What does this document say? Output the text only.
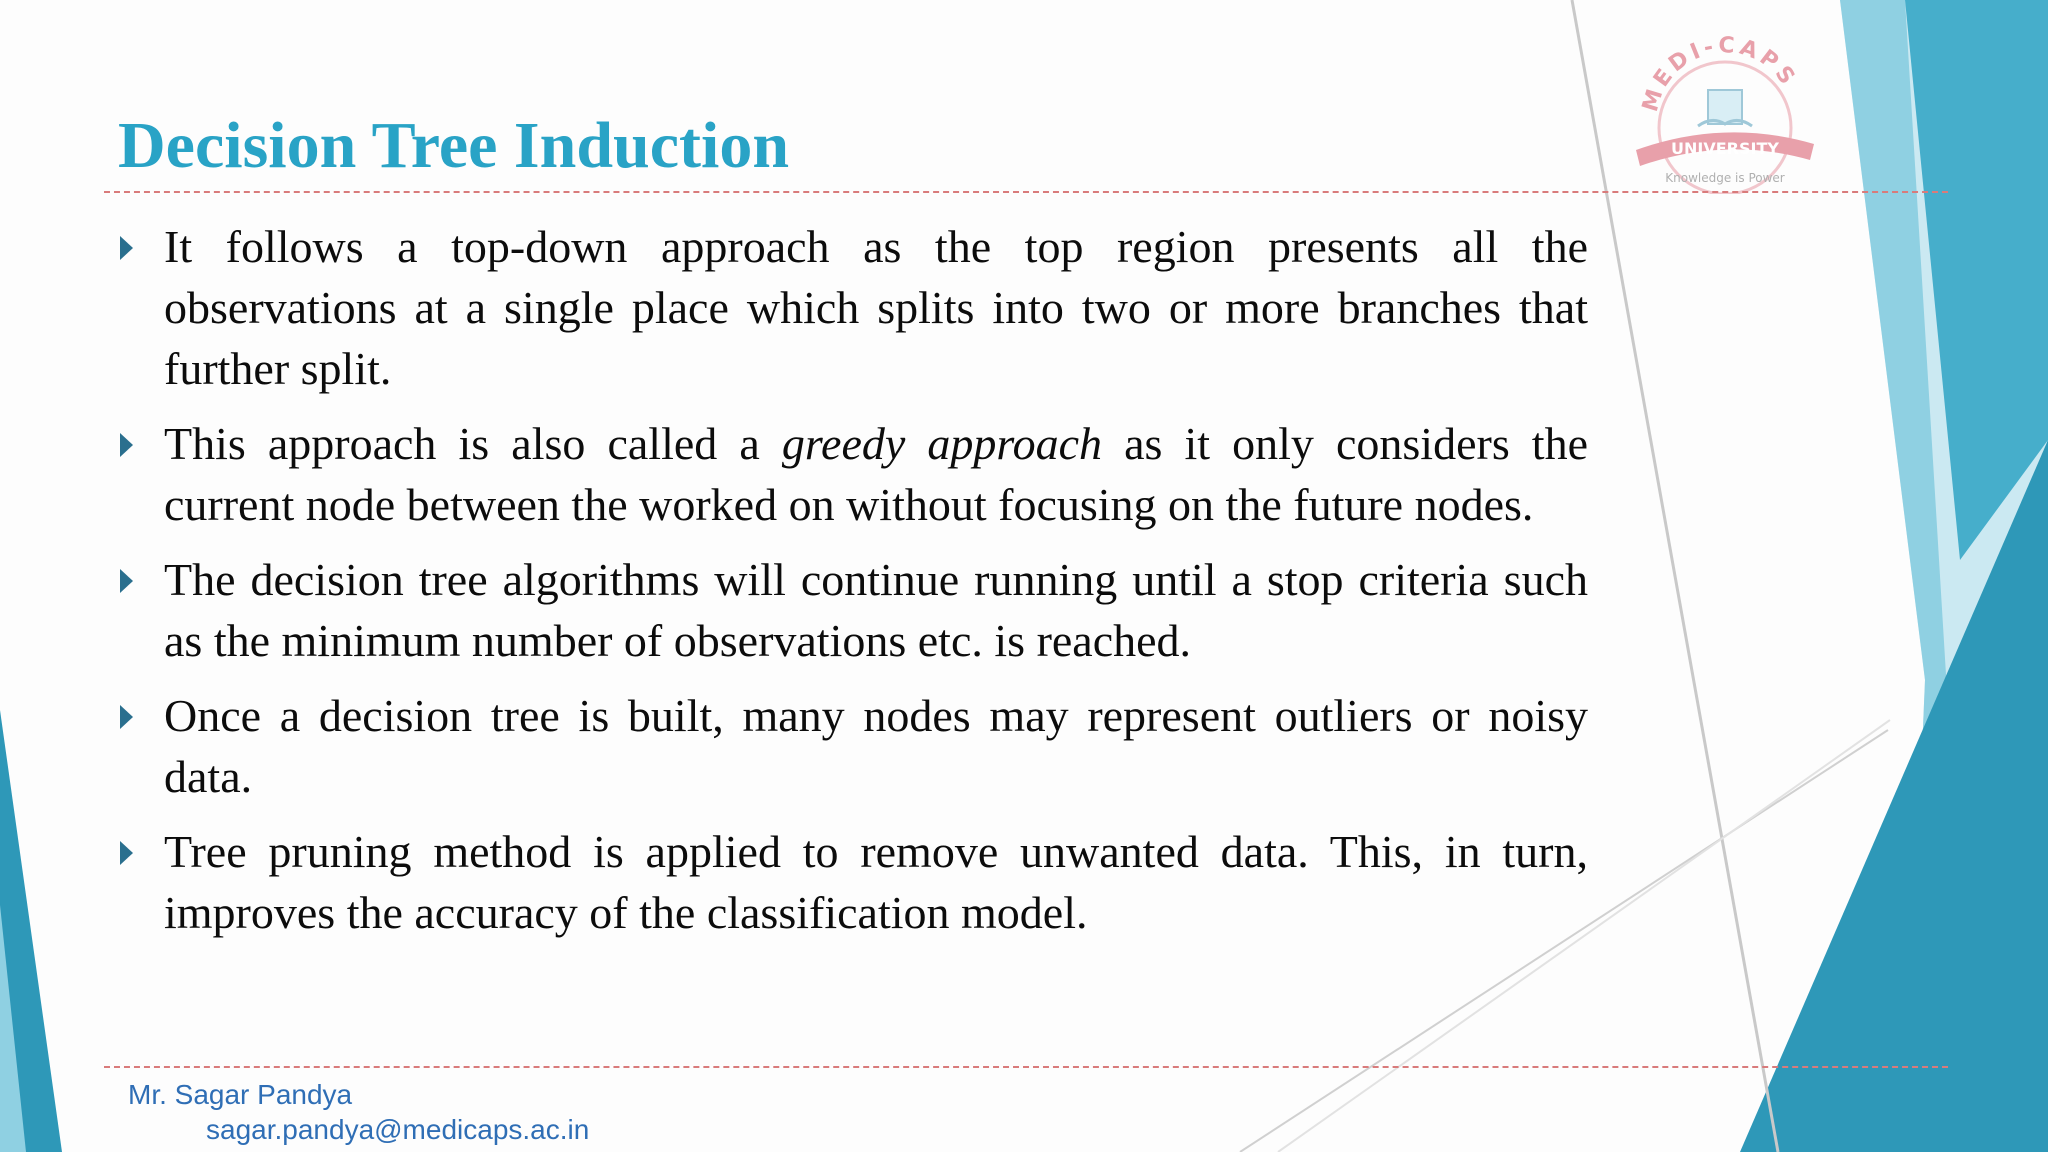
MEDI-CAPS
UNIVERSITY
Knowledge is Power
Decision Tree Induction
It follows a top-down approach as the top region presents all the observations at a single place which splits into two or more branches that further split.
This approach is also called a greedy approach as it only considers the current node between the worked on without focusing on the future nodes.
The decision tree algorithms will continue running until a stop criteria such as the minimum number of observations etc. is reached.
Once a decision tree is built, many nodes may represent outliers or noisy data.
Tree pruning method is applied to remove unwanted data. This, in turn, improves the accuracy of the classification model.
Mr. Sagar Pandya
sagar.pandya@medicaps.ac.in
